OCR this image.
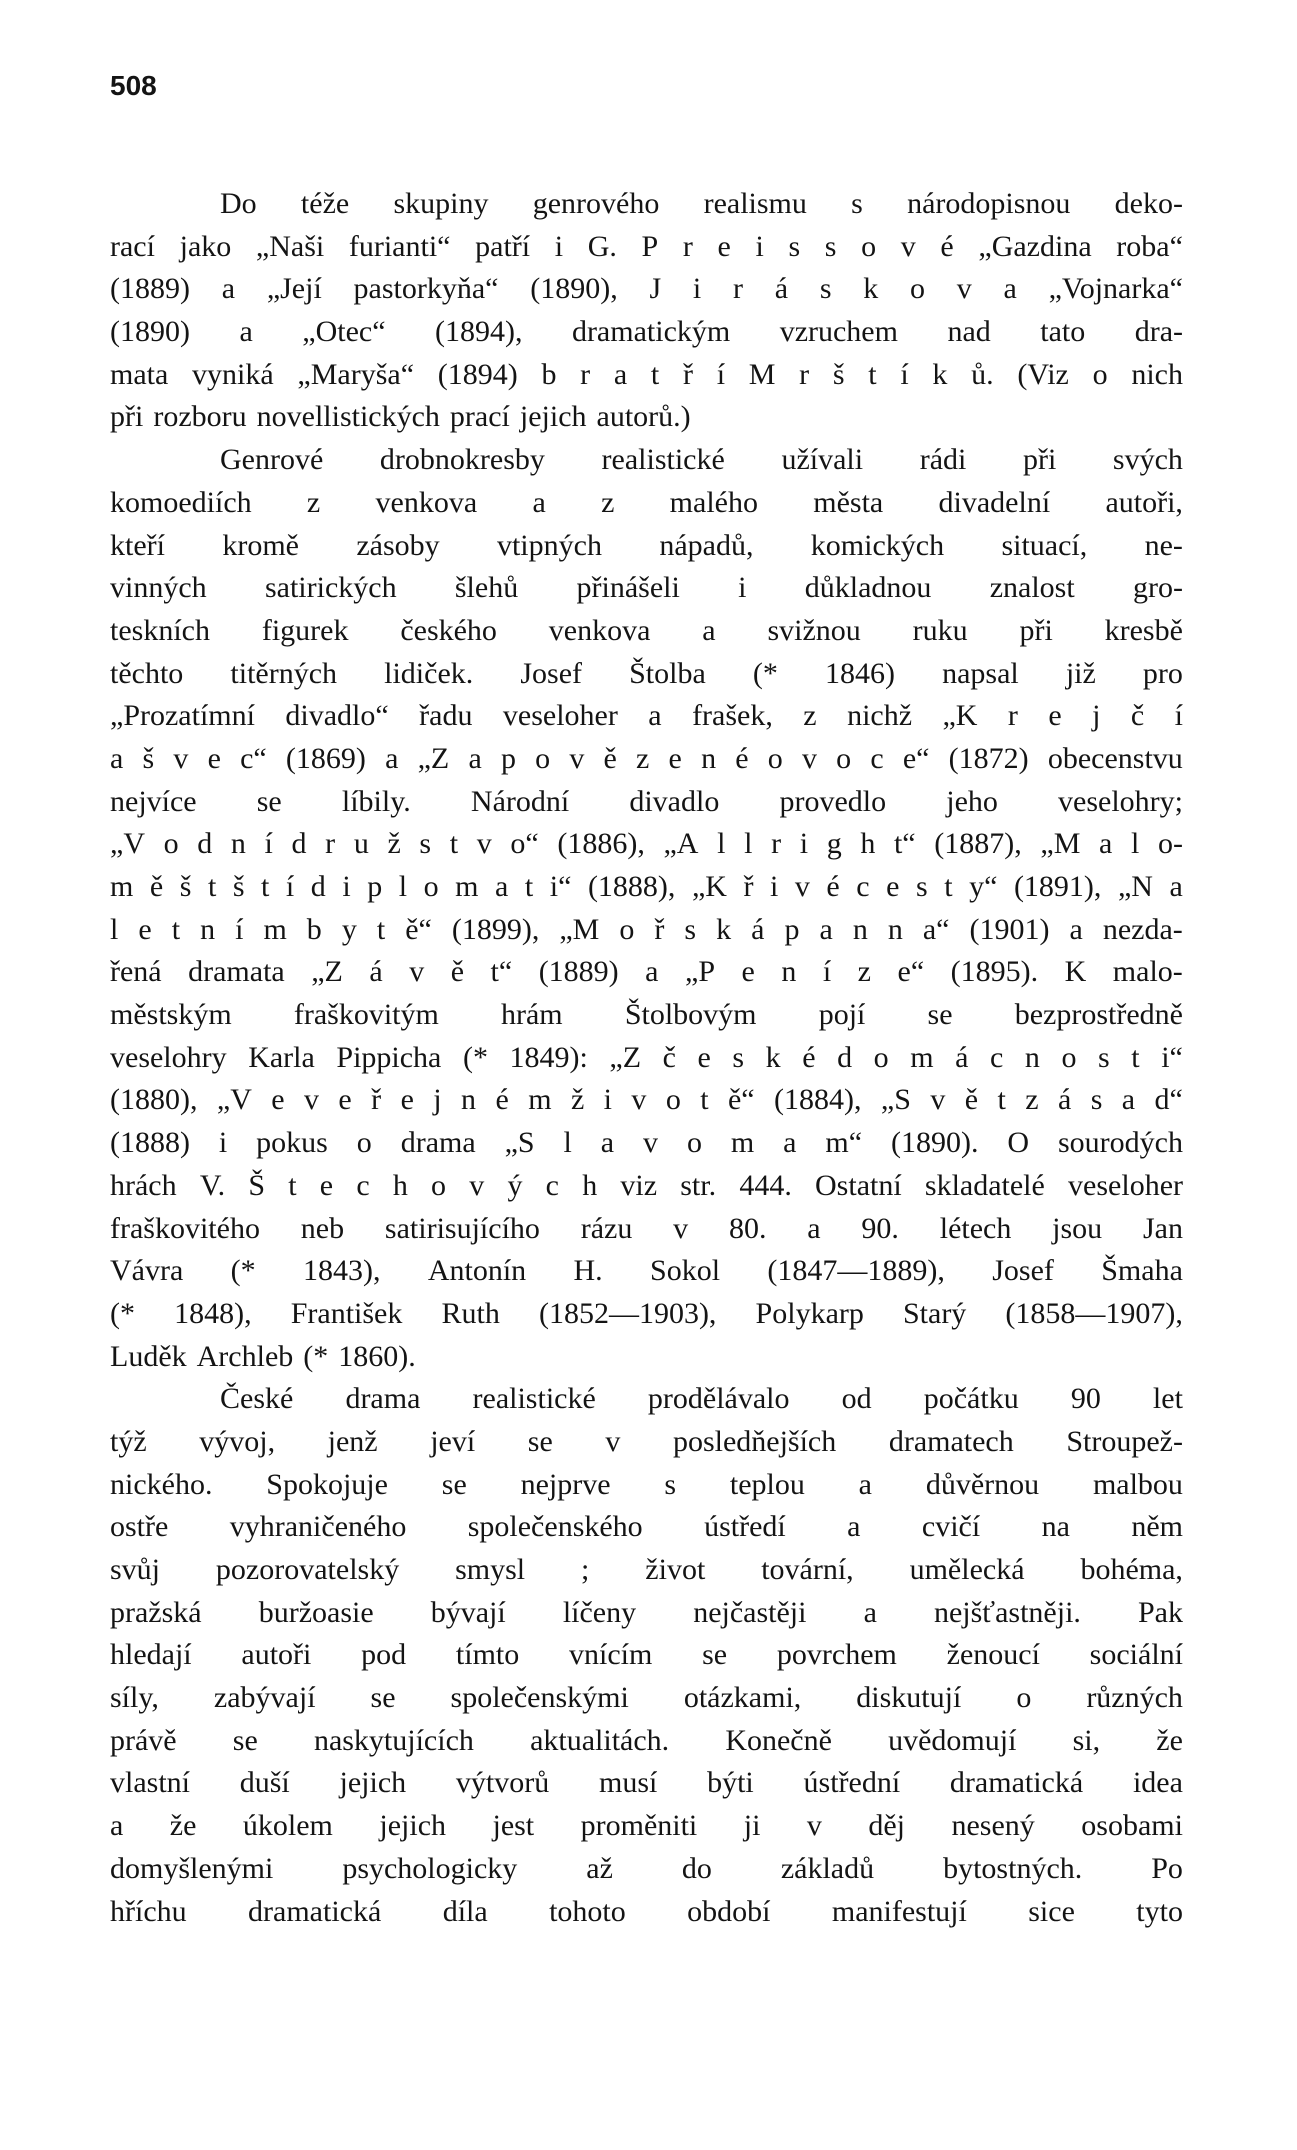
508
Do téže skupiny genrového realismu s národopisnou deko-
rací jako „Naši furianti“ patří i G. P r e i s s o v é „Gazdina roba“
(1889) a „Její pastorkyňa“ (1890), J i r á s k o v a „Vojnarka“
(1890) a „Otec“ (1894), dramatickým vzruchem nad tato dra-
mata vyniká „Maryša“ (1894) b r a t ř í M r š t í k ů. (Viz o nich
při rozboru novellistických prací jejich autorů.)
Genrové drobnokresby realistické užívali rádi při svých
komoediích z venkova a z malého města divadelní autoři,
kteří kromě zásoby vtipných nápadů, komických situací, ne-
vinných satirických šlehů přinášeli i důkladnou znalost gro-
teskních figurek českého venkova a svižnou ruku při kresbě
těchto titěrných lidiček. Josef Štolba (* 1846) napsal již pro
„Prozatímní divadlo“ řadu veseloher a frašek, z nichž „K r e j č í
a š v e c“ (1869) a „Z a p o v ě z e n é o v o c e“ (1872) obecenstvu
nejvíce se líbily. Národní divadlo provedlo jeho veselohry;
„V o d n í d r u ž s t v o“ (1886), „A l l r i g h t“ (1887), „M a l o-
m ě š t š t í d i p l o m a t i“ (1888), „K ř i v é c e s t y“ (1891), „N a
l e t n í m b y t ě“ (1899), „M o ř s k á p a n n a“ (1901) a nezda-
řená dramata „Z á v ě t“ (1889) a „P e n í z e“ (1895). K malo-
městským fraškovitým hrám Štolbovým pojí se bezprostředně
veselohry Karla Pippicha (* 1849): „Z č e s k é d o m á c n o s t i“
(1880), „V e v e ř e j n é m ž i v o t ě“ (1884), „S v ě t z á s a d“
(1888) i pokus o drama „S l a v o m a m“ (1890). O sourodých
hrách V. Š t e c h o v ý c h viz str. 444. Ostatní skladatelé veseloher
fraškovitého neb satirisujícího rázu v 80. a 90. létech jsou Jan
Vávra (* 1843), Antonín H. Sokol (1847—1889), Josef Šmaha
(* 1848), František Ruth (1852—1903), Polykarp Starý (1858—1907),
Luděk Archleb (* 1860).
České drama realistické prodělávalo od počátku 90 let
týž vývoj, jenž jeví se v posledňejších dramatech Stroupež-
nického. Spokojuje se nejprve s teplou a důvěrnou malbou
ostře vyhraničeného společenského ústředí a cvičí na něm
svůj pozorovatelský smysl ; život tovární, umělecká bohéma,
pražská buržoasie bývají líčeny nejčastěji a nejšťastněji. Pak
hledají autoři pod tímto vnícím se povrchem ženoucí sociální
síly, zabývají se společenskými otázkami, diskutují o různých
právě se naskytujících aktualitách. Konečně uvědomují si, že
vlastní duší jejich výtvorů musí býti ústřední dramatická idea
a že úkolem jejich jest proměniti ji v děj nesený osobami
domyšlenými psychologicky až do základů bytostných. Po
hříchu dramatická díla tohoto období manifestují sice tyto
